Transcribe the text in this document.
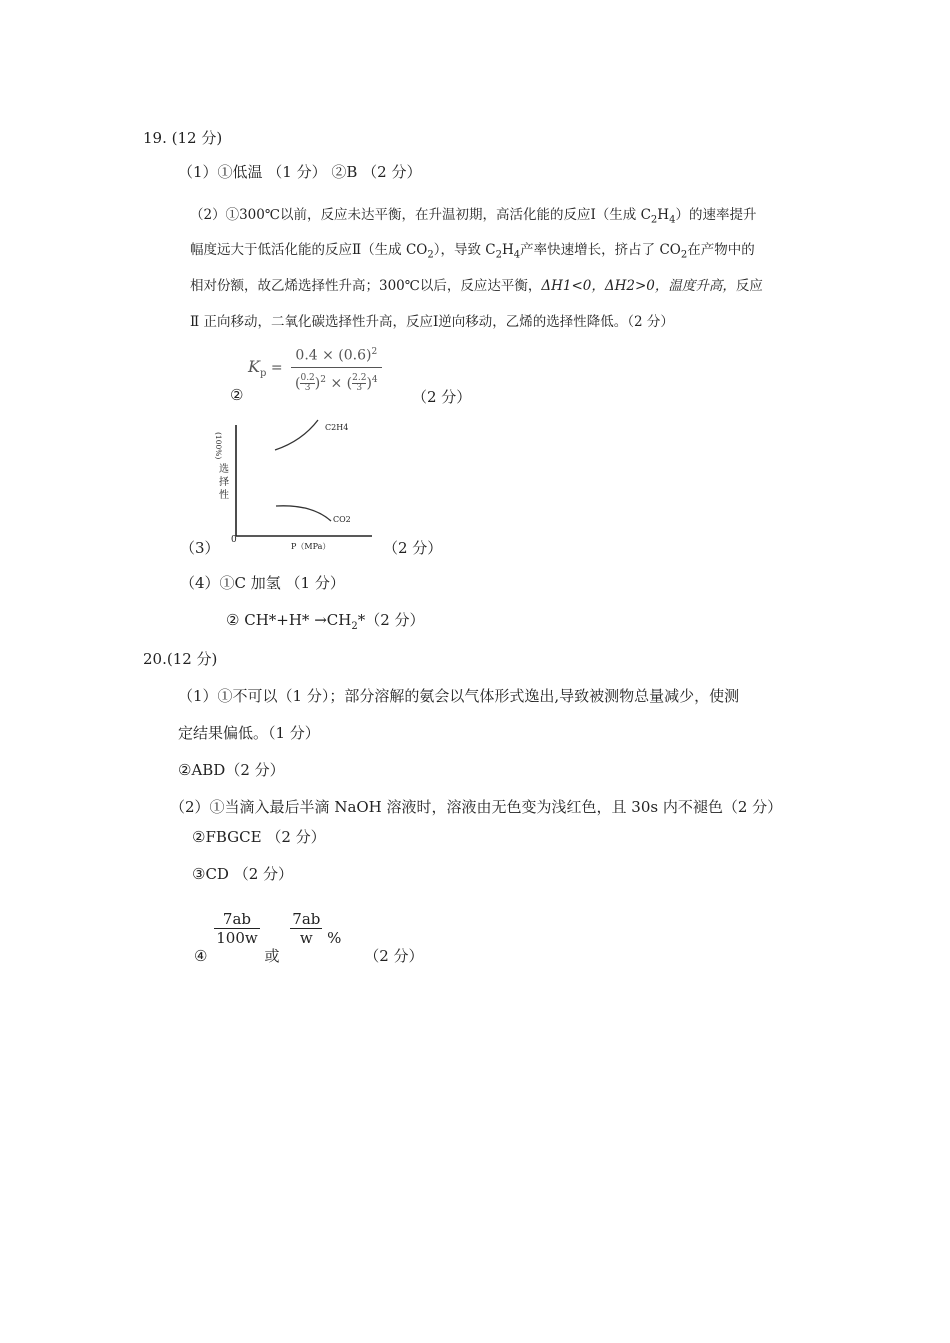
19. (12 分)
（1）①低温 （1 分） ②B （2 分）
（2）①300℃以前，反应未达平衡，在升温初期，高活化能的反应Ⅰ（生成 $C_2H_4$）的速率提升
幅度远大于低活化能的反应Ⅱ（生成 $CO_2$），导致 $C_2H_4$产率快速增长，挤占了 $CO_2$在产物中的
相对份额，故乙烯选择性升高；300℃以后，反应达平衡，ΔH1<0，ΔH2>0，温度升高，反应
Ⅱ 正向移动，二氧化碳选择性升高，反应Ⅰ逆向移动，乙烯的选择性降低。（2 分）
$K_p = \frac{0.4 \times (0.6)^2}{( \frac{0.2}{3} )^2 \times ( \frac{2.2}{3} )^4}$
②	（2 分）
(100%)
选择性
C2H4
CO2
0
P（MPa）
（3）	（2 分）
（4）①C 加氢 （1 分）
② $CH*+H* \to CH_2*(2$ 分）
20.(12 分)
（1）①不可以（1 分）；部分溶解的氨会以气体形式逸出,导致被测物总量减少，使测
定结果偏低。（1 分）
②ABD（2 分）
（2）①当滴入最后半滴 NaOH 溶液时，溶液由无色变为浅红色，且 30s 内不褪色（2 分）
②FBGCE （2 分）
③CD （2 分）
④
$\frac{7ab}{100w}$
或
$\frac{7ab}{w}$ % （2 分）
